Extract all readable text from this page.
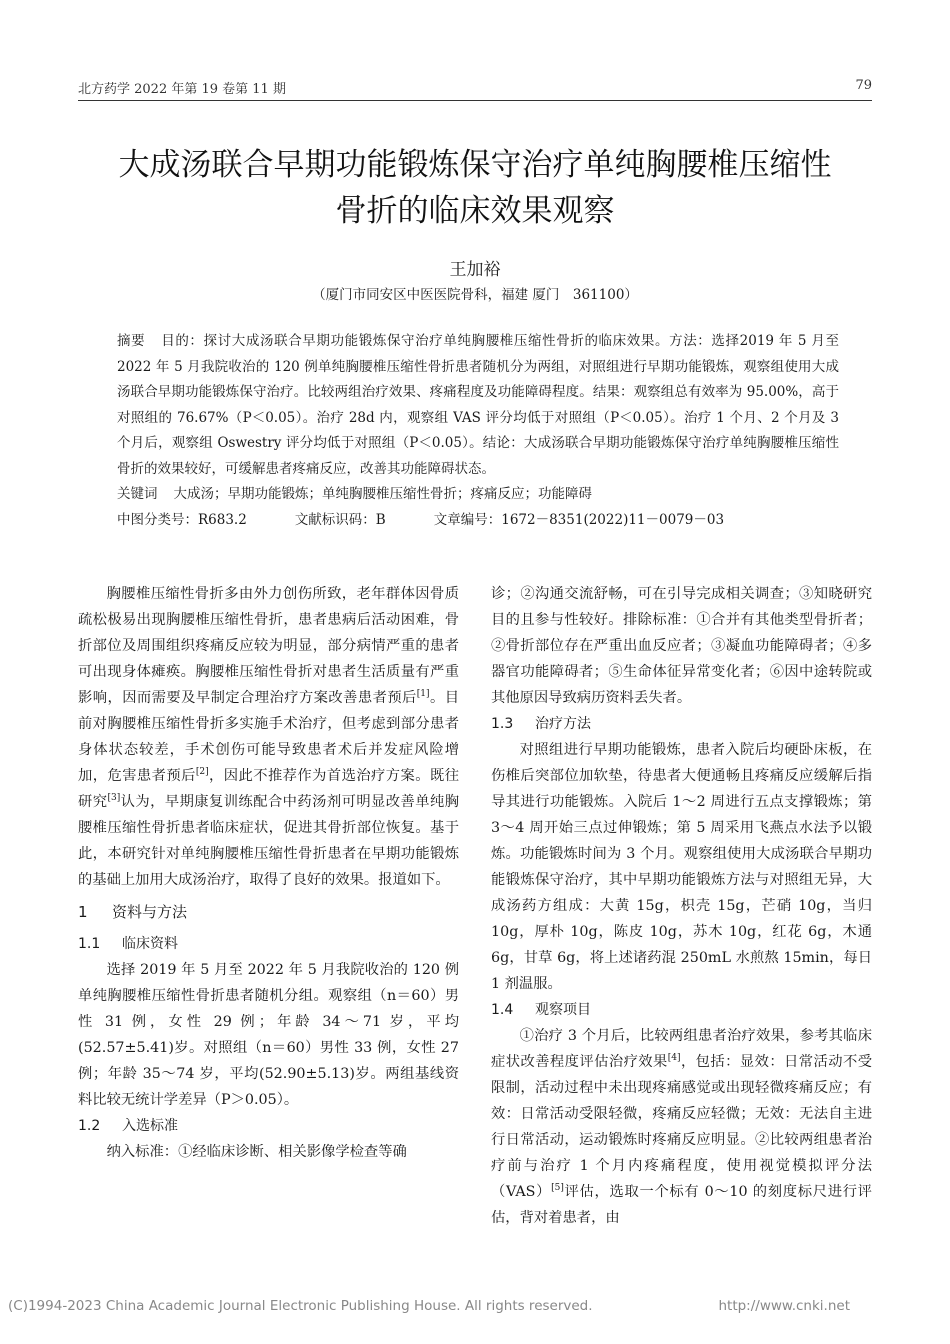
北方药学 2022 年第 19 卷第 11 期	79
大成汤联合早期功能锻炼保守治疗单纯胸腰椎压缩性
骨折的临床效果观察
王加裕
（厦门市同安区中医医院骨科，福建 厦门　361100）

摘要 目的：探讨大成汤联合早期功能锻炼保守治疗单纯胸腰椎压缩性骨折的临床效果。方法：选择2019 年 5 月至 2022 年 5 月我院收治的 120 例单纯胸腰椎压缩性骨折患者随机分为两组，对照组进行早期功能锻炼，观察组使用大成汤联合早期功能锻炼保守治疗。比较两组治疗效果、疼痛程度及功能障碍程度。结果：观察组总有效率为 95.00%，高于对照组的 76.67%（P＜0.05）。治疗 28d 内，观察组 VAS 评分均低于对照组（P＜0.05）。治疗 1 个月、2 个月及 3 个月后，观察组 Oswestry 评分均低于对照组（P＜0.05）。结论：大成汤联合早期功能锻炼保守治疗单纯胸腰椎压缩性骨折的效果较好，可缓解患者疼痛反应，改善其功能障碍状态。

关键词 大成汤；早期功能锻炼；单纯胸腰椎压缩性骨折；疼痛反应；功能障碍

中图分类号：R683.2	文献标识码：B	文章编号：1672－8351(2022)11－0079－03

胸腰椎压缩性骨折多由外力创伤所致，老年群体因骨质疏松极易出现胸腰椎压缩性骨折，患者患病后活动困难，骨折部位及周围组织疼痛反应较为明显，部分病情严重的患者可出现身体瘫痪。胸腰椎压缩性骨折对患者生活质量有严重影响，因而需要及早制定合理治疗方案改善患者预后[1]。目前对胸腰椎压缩性骨折多实施手术治疗，但考虑到部分患者身体状态较差，手术创伤可能导致患者术后并发症风险增加，危害患者预后[2]，因此不推荐作为首选治疗方案。既往研究[3]认为，早期康复训练配合中药汤剂可明显改善单纯胸腰椎压缩性骨折患者临床症状，促进其骨折部位恢复。基于此，本研究针对单纯胸腰椎压缩性骨折患者在早期功能锻炼的基础上加用大成汤治疗，取得了良好的效果。报道如下。

1 资料与方法

1.1 临床资料

选择 2019 年 5 月至 2022 年 5 月我院收治的 120 例单纯胸腰椎压缩性骨折患者随机分组。观察组（n＝60）男性 31 例，女性 29 例；年龄 34～71 岁，平均(52.57±5.41)岁。对照组（n＝60）男性 33 例，女性 27 例；年龄 35～74 岁，平均(52.90±5.13)岁。两组基线资料比较无统计学差异（P＞0.05）。

1.2 入选标准

纳入标准：①经临床诊断、相关影像学检查等确

诊；②沟通交流舒畅，可在引导完成相关调查；③知晓研究目的且参与性较好。排除标准：①合并有其他类型骨折者；②骨折部位存在严重出血反应者；③凝血功能障碍者；④多器官功能障碍者；⑤生命体征异常变化者；⑥因中途转院或其他原因导致病历资料丢失者。

1.3 治疗方法

对照组进行早期功能锻炼，患者入院后均硬卧床板，在伤椎后突部位加软垫，待患者大便通畅且疼痛反应缓解后指导其进行功能锻炼。入院后 1～2 周进行五点支撑锻炼；第 3～4 周开始三点过伸锻炼；第 5 周采用飞燕点水法予以锻炼。功能锻炼时间为 3 个月。观察组使用大成汤联合早期功能锻炼保守治疗，其中早期功能锻炼方法与对照组无异，大成汤药方组成：大黄 15g，枳壳 15g，芒硝 10g，当归 10g，厚朴 10g，陈皮 10g，苏木 10g，红花 6g，木通 6g，甘草 6g，将上述诸药混 250mL 水煎熬 15min，每日 1 剂温服。

1.4 观察项目

①治疗 3 个月后，比较两组患者治疗效果，参考其临床症状改善程度评估治疗效果[4]，包括：显效：日常活动不受限制，活动过程中未出现疼痛感觉或出现轻微疼痛反应；有效：日常活动受限轻微，疼痛反应轻微；无效：无法自主进行日常活动，运动锻炼时疼痛反应明显。②比较两组患者治疗前与治疗 1 个月内疼痛程度，使用视觉模拟评分法（VAS）[5]评估，选取一个标有 0～10 的刻度标尺进行评估，背对着患者，由

(C)1994-2023 China Academic Journal Electronic Publishing House. All rights reserved.	http://www.cnki.net
